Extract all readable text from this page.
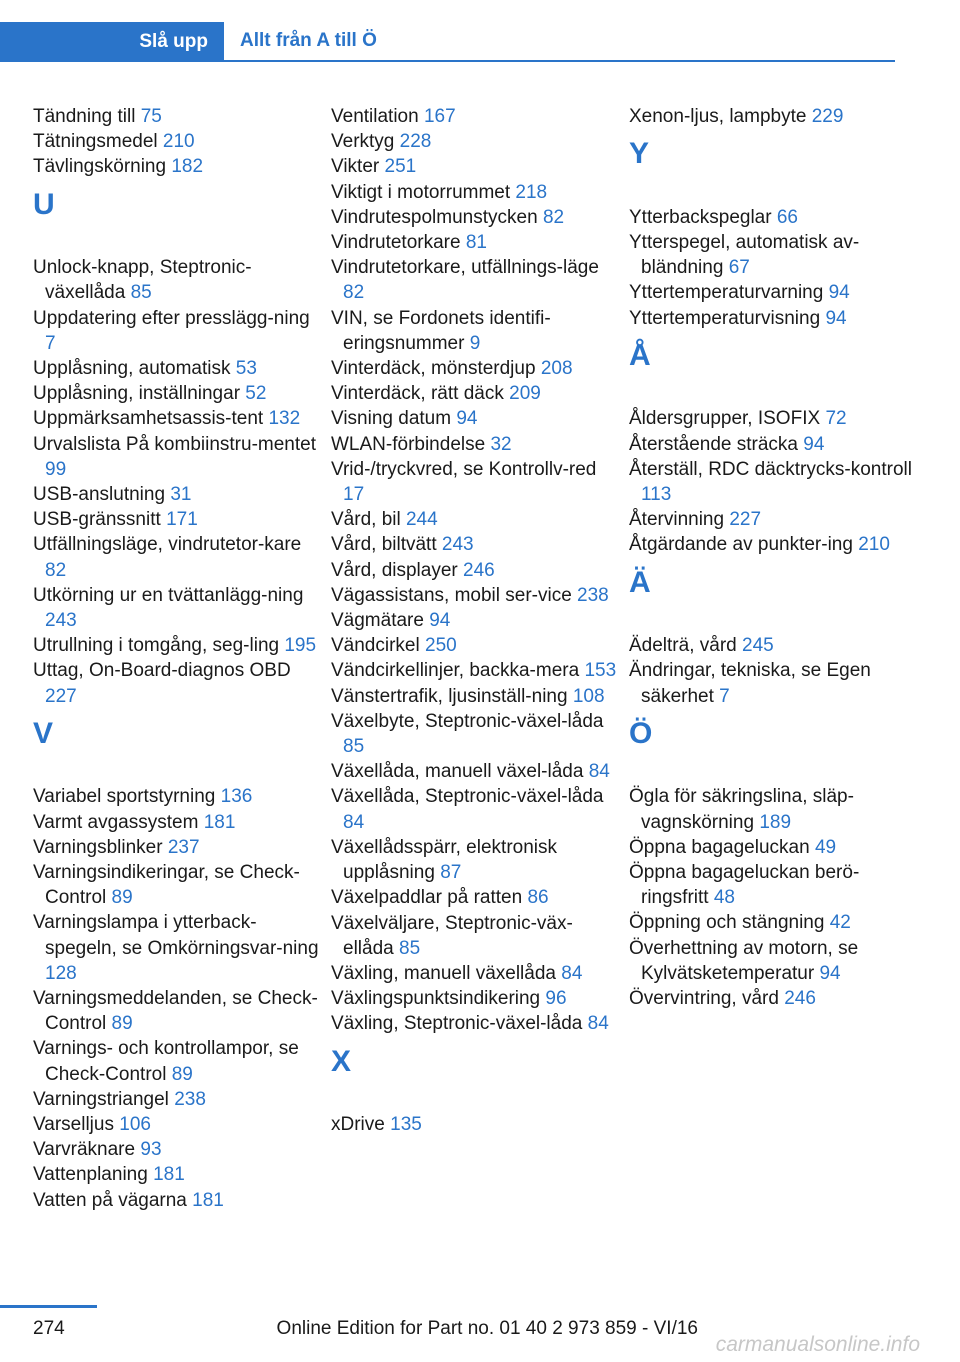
Slå upp	Allt från A till Ö
Tändning till 75
Tätningsmedel 210
Tävlingskörning 182
U
Unlock-knapp, Steptronic-växellåda 85
Uppdatering efter presslägg-ning 7
Upplåsning, automatisk 53
Upplåsning, inställningar 52
Uppmärksamhetsassis-tent 132
Urvalslista På kombiinstru-mentet 99
USB-anslutning 31
USB-gränssnitt 171
Utfällningsläge, vindrutetor-kare 82
Utkörning ur en tvättanlägg-ning 243
Utrullning i tomgång, seg-ling 195
Uttag, On-Board-diagnos OBD 227
V
Variabel sportstyrning 136
Varmt avgassystem 181
Varningsblinker 237
Varningsindikeringar, se Check-Control 89
Varningslampa i ytterback-spegeln, se Omkörningsvar-ning 128
Varningsmeddelanden, se Check-Control 89
Varnings- och kontrollampor, se Check-Control 89
Varningstriangel 238
Varselljus 106
Varvräknare 93
Vattenplaning 181
Vatten på vägarna 181
Ventilation 167
Verktyg 228
Vikter 251
Viktigt i motorrummet 218
Vindrutespolmunstycken 82
Vindrutetorkare 81
Vindrutetorkare, utfällnings-läge 82
VIN, se Fordonets identifi-eringsnummer 9
Vinterdäck, mönsterdjup 208
Vinterdäck, rätt däck 209
Visning datum 94
WLAN-förbindelse 32
Vrid-/tryckvred, se Kontrollv-red 17
Vård, bil 244
Vård, biltvätt 243
Vård, displayer 246
Vägassistans, mobil ser-vice 238
Vägmätare 94
Vändcirkel 250
Vändcirkellinjer, backka-mera 153
Vänstertrafik, ljusinställ-ning 108
Växelbyte, Steptronic-växel-låda 85
Växellåda, manuell växel-låda 84
Växellåda, Steptronic-växel-låda 84
Växellådsspärr, elektronisk upplåsning 87
Växelpaddlar på ratten 86
Växelväljare, Steptronic-väx-ellåda 85
Växling, manuell växellåda 84
Växlingspunktsindikering 96
Växling, Steptronic-växel-låda 84
X
xDrive 135
Xenon-ljus, lampbyte 229
Y
Ytterbackspeglar 66
Ytterspegel, automatisk av-bländning 67
Yttertemperaturvarning 94
Yttertemperaturvisning 94
Å
Åldersgrupper, ISOFIX 72
Återstående sträcka 94
Återställ, RDC däcktrycks-kontroll 113
Återvinning 227
Åtgärdande av punkter-ing 210
Ä
Ädelträ, vård 245
Ändringar, tekniska, se Egen säkerhet 7
Ö
Ögla för säkringslina, släp-vagnskörning 189
Öppna bagageluckan 49
Öppna bagageluckan berö-ringsfritt 48
Öppning och stängning 42
Överhettning av motorn, se Kylvätsketemperatur 94
Övervintring, vård 246
274	Online Edition for Part no. 01 40 2 973 859 - VI/16
carmanualsonline.info
